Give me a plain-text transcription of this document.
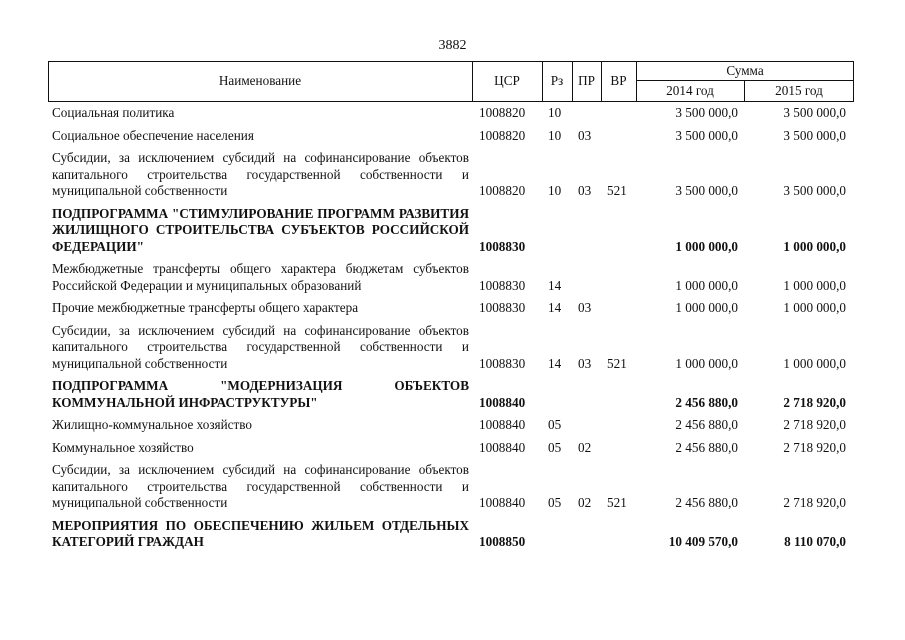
3882
Наименование	ЦСР	Рз	ПР	ВР
Сумма
2014 год	2015 год
Социальная политика	1008820 10	3 500 000,0	3 500 000,0
Социальное обеспечение населения	1008820 10 03	3 500 000,0	3 500 000,0
Субсидии, за исключением субсидий на софинансирование объектов капитального строительства государственной собственности и муниципальной собственности	1008820 10 03 521	3 500 000,0	3 500 000,0
ПОДПРОГРАММА "СТИМУЛИРОВАНИЕ ПРОГРАММ РАЗВИТИЯ ЖИЛИЩНОГО СТРОИТЕЛЬСТВА СУБЪЕКТОВ РОССИЙСКОЙ ФЕДЕРАЦИИ"	1008830	1 000 000,0	1 000 000,0
Межбюджетные трансферты общего характера бюджетам субъектов Российской Федерации и муниципальных образований	1008830 14	1 000 000,0	1 000 000,0
Прочие межбюджетные трансферты общего характера	1008830 14 03	1 000 000,0	1 000 000,0
Субсидии, за исключением субсидий на софинансирование объектов капитального строительства государственной собственности и муниципальной собственности	1008830 14 03 521	1 000 000,0	1 000 000,0
ПОДПРОГРАММА "МОДЕРНИЗАЦИЯ ОБЪЕКТОВ КОММУНАЛЬНОЙ ИНФРАСТРУКТУРЫ"	1008840	2 456 880,0	2 718 920,0
Жилищно-коммунальное хозяйство	1008840 05	2 456 880,0	2 718 920,0
Коммунальное хозяйство	1008840 05 02	2 456 880,0	2 718 920,0
Субсидии, за исключением субсидий на софинансирование объектов капитального строительства государственной собственности и муниципальной собственности	1008840 05 02 521	2 456 880,0	2 718 920,0
МЕРОПРИЯТИЯ ПО ОБЕСПЕЧЕНИЮ ЖИЛЬЕМ ОТДЕЛЬНЫХ КАТЕГОРИЙ ГРАЖДАН	1008850	10 409 570,0	8 110 070,0
